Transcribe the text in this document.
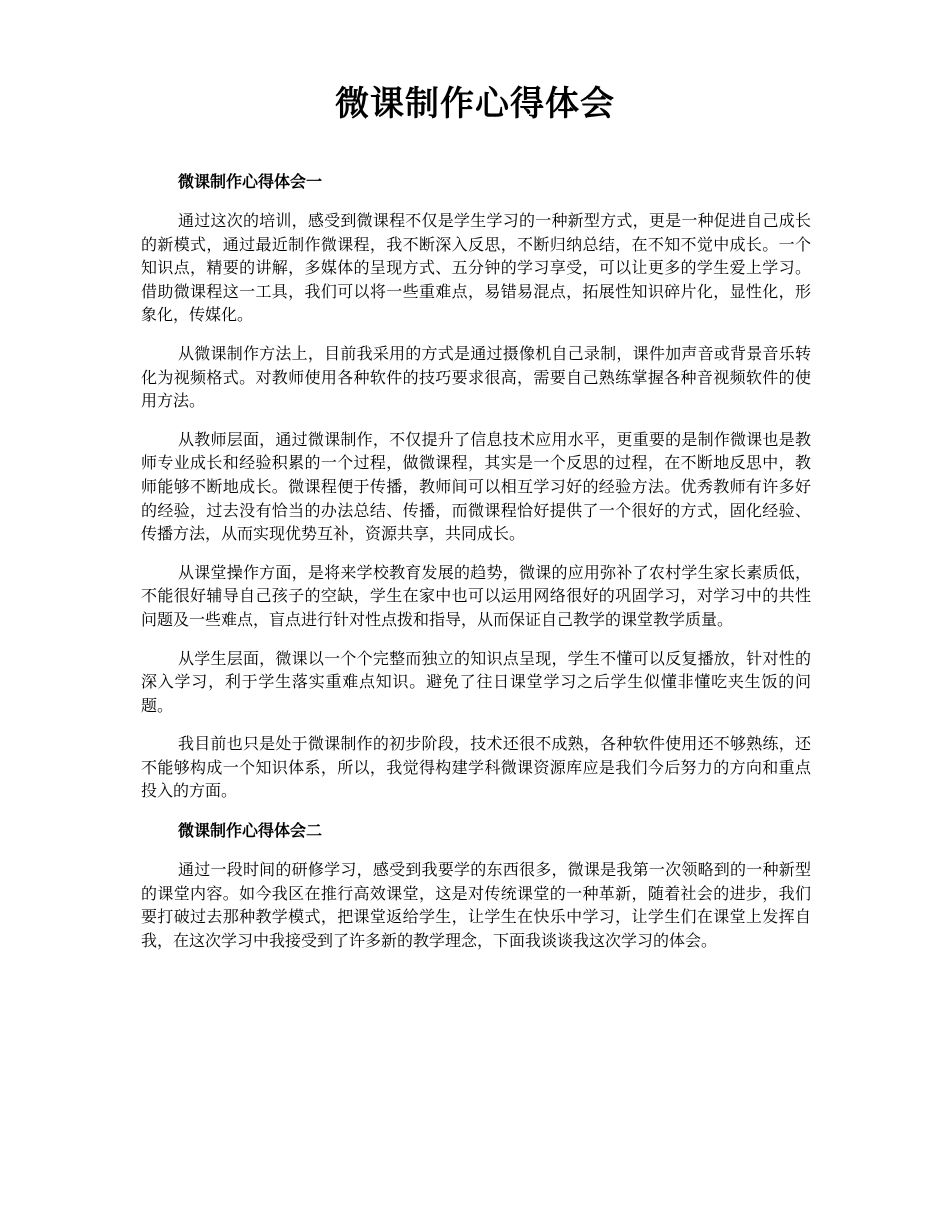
微课制作心得体会
微课制作心得体会一

通过这次的培训，感受到微课程不仅是学生学习的一种新型方式，更是一种促进自己成长的新模式，通过最近制作微课程，我不断深入反思，不断归纳总结，在不知不觉中成长。一个知识点，精要的讲解，多媒体的呈现方式、五分钟的学习享受，可以让更多的学生爱上学习。借助微课程这一工具，我们可以将一些重难点，易错易混点，拓展性知识碎片化，显性化，形象化，传媒化。

从微课制作方法上，目前我采用的方式是通过摄像机自己录制，课件加声音或背景音乐转化为视频格式。对教师使用各种软件的技巧要求很高，需要自己熟练掌握各种音视频软件的使用方法。

从教师层面，通过微课制作，不仅提升了信息技术应用水平，更重要的是制作微课也是教师专业成长和经验积累的一个过程，做微课程，其实是一个反思的过程，在不断地反思中，教师能够不断地成长。微课程便于传播，教师间可以相互学习好的经验方法。优秀教师有许多好的经验，过去没有恰当的办法总结、传播，而微课程恰好提供了一个很好的方式，固化经验、传播方法，从而实现优势互补，资源共享，共同成长。

从课堂操作方面，是将来学校教育发展的趋势，微课的应用弥补了农村学生家长素质低，不能很好辅导自己孩子的空缺，学生在家中也可以运用网络很好的巩固学习，对学习中的共性问题及一些难点，盲点进行针对性点拨和指导，从而保证自己教学的课堂教学质量。

从学生层面，微课以一个个完整而独立的知识点呈现，学生不懂可以反复播放，针对性的深入学习，利于学生落实重难点知识。避免了往日课堂学习之后学生似懂非懂吃夹生饭的问题。

我目前也只是处于微课制作的初步阶段，技术还很不成熟，各种软件使用还不够熟练，还不能够构成一个知识体系，所以，我觉得构建学科微课资源库应是我们今后努力的方向和重点投入的方面。

微课制作心得体会二

通过一段时间的研修学习，感受到我要学的东西很多，微课是我第一次领略到的一种新型的课堂内容。如今我区在推行高效课堂，这是对传统课堂的一种革新，随着社会的进步，我们要打破过去那种教学模式，把课堂返给学生，让学生在快乐中学习，让学生们在课堂上发挥自我，在这次学习中我接受到了许多新的教学理念，下面我谈谈我这次学习的体会。
